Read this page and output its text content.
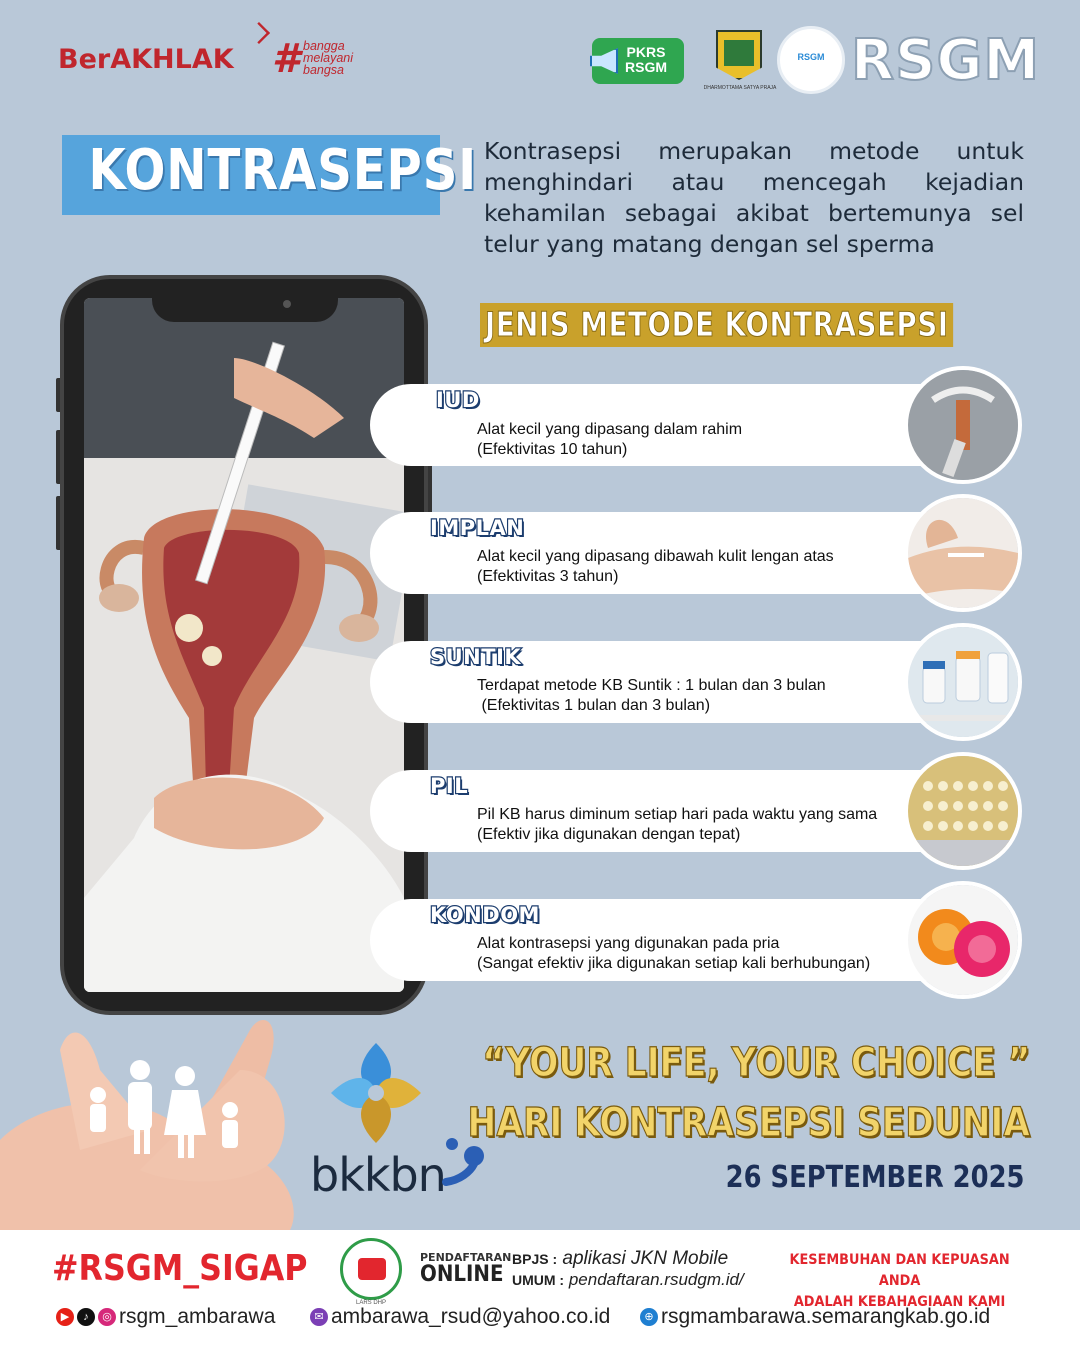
BerAKHLAK # bangga
melayani
bangsa
PKRS
RSGM
DHARMOTTAMA SATYA PRAJA
RSGM RSGM
KONTRASEPSI Kontrasepsi merupakan metode untuk
menghindari atau mencegah kejadian
kehamilan sebagai akibat bertemunya sel
telur yang matang dengan sel sperma
JENIS METODE KONTRASEPSI
IUD
Alat kecil yang dipasang dalam rahim
(Efektivitas 10 tahun)
IMPLAN
Alat kecil yang dipasang dibawah kulit lengan atas
(Efektivitas 3 tahun)
SUNTIK
Terdapat metode KB Suntik : 1 bulan dan 3 bulan
(Efektivitas 1 bulan dan 3 bulan)
PIL
Pil KB harus diminum setiap hari pada waktu yang sama
(Efektiv jika digunakan dengan tepat)
KONDOM
Alat kontrasepsi yang digunakan pada pria
(Sangat efektiv jika digunakan setiap kali berhubungan)
bkkbn
“YOUR LIFE, YOUR CHOICE ”
HARI KONTRASEPSI SEDUNIA
26 SEPTEMBER 2025
#RSGM_SIGAP
LARS DHP
PENDAFTARAN
ONLINE
BPJS : aplikasi JKN Mobile
UMUM : pendaftaran.rsudgm.id/
KESEMBUHAN DAN KEPUASAN ANDA
ADALAH KEBAHAGIAAN KAMI
▶ ♪ ◎ rsgm_ambarawa	✉ ambarawa_rsud@yahoo.co.id	⊕ rsgmambarawa.semarangkab.go.id
